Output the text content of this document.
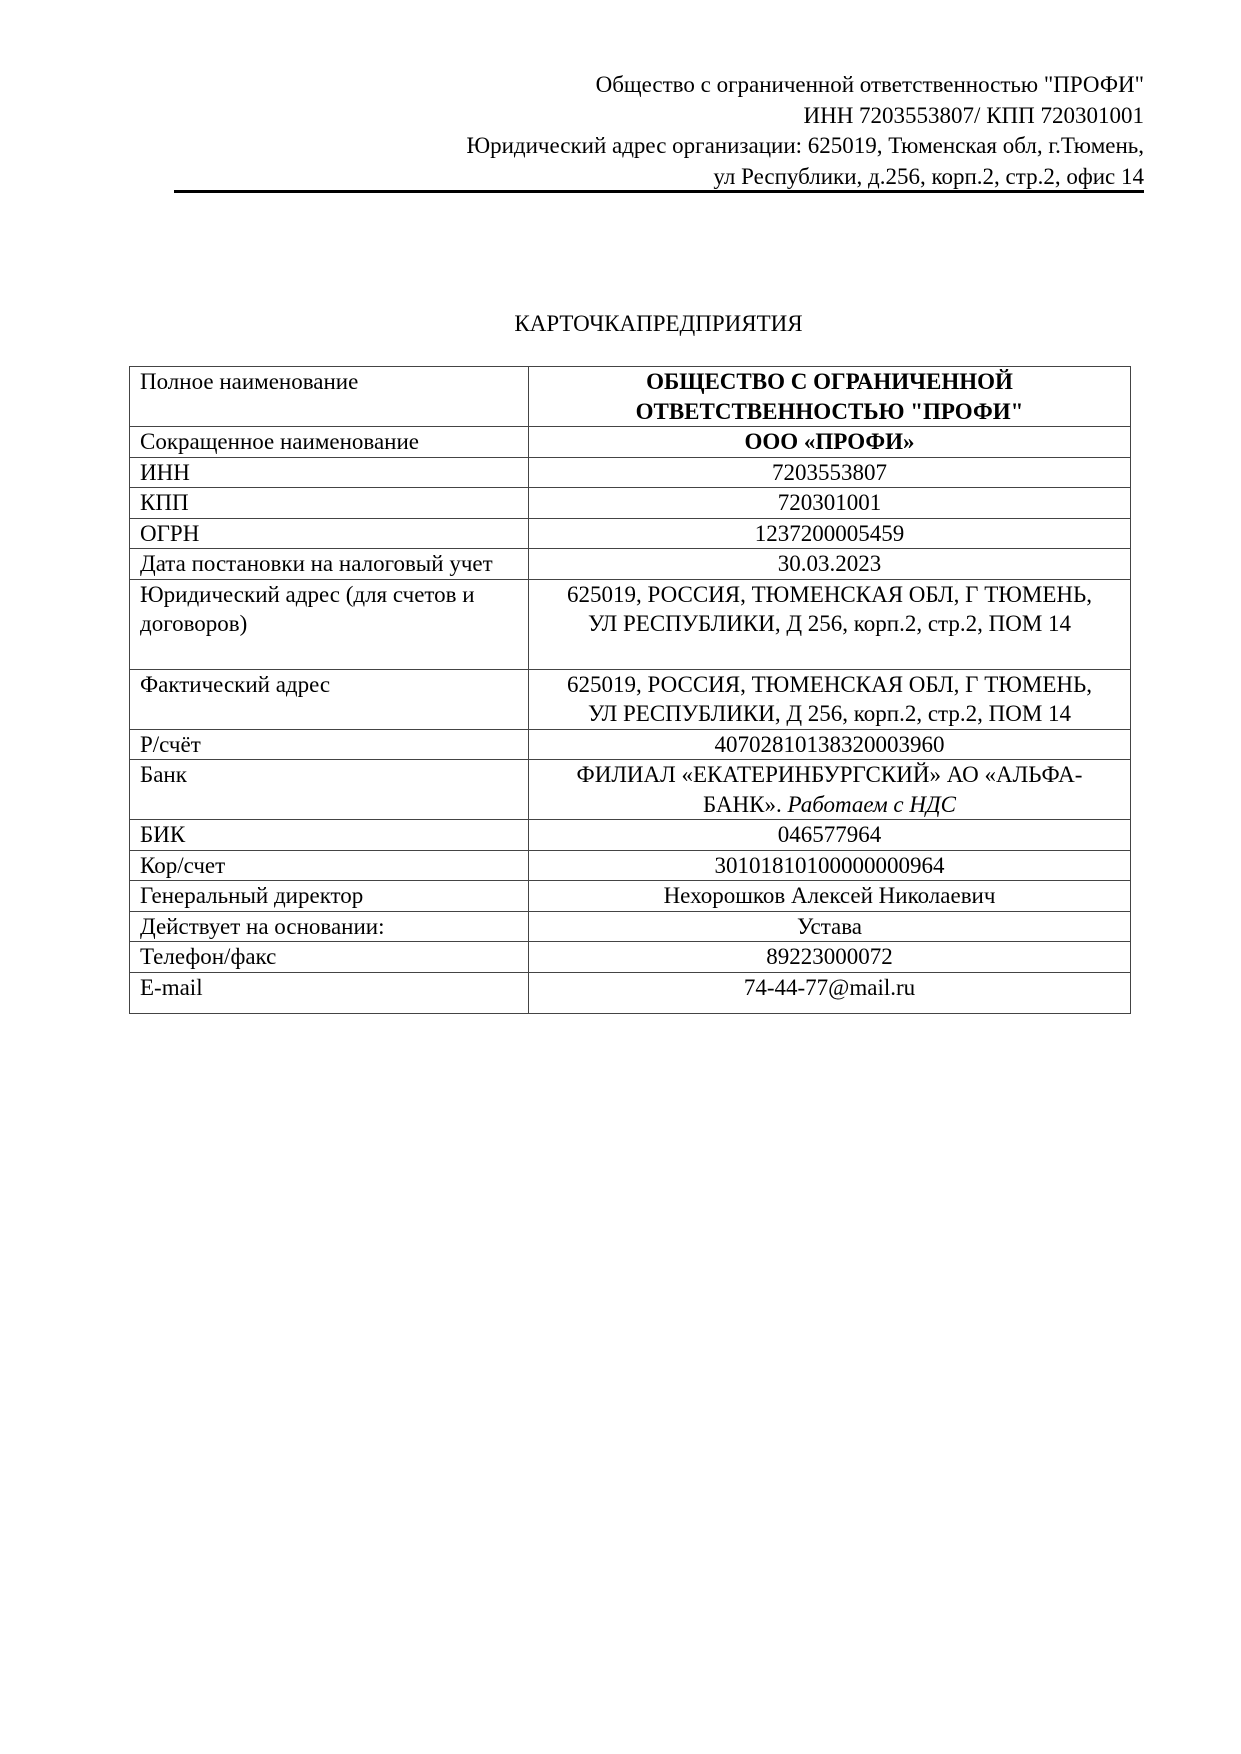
Общество с ограниченной ответственностью "ПРОФИ"
ИНН 7203553807/ КПП 720301001
Юридический адрес организации: 625019, Тюменская обл, г.Тюмень,
ул Республики, д.256, корп.2, стр.2, офис 14
КАРТОЧКАПРЕДПРИЯТИЯ
Полное наименование	ОБЩЕСТВО С ОГРАНИЧЕННОЙ
ОТВЕТСТВЕННОСТЬЮ "ПРОФИ"

Сокращенное наименование	ООО «ПРОФИ»
ИНН	7203553807
КПП	720301001
ОГРН	1237200005459
Дата постановки на налоговый учет	30.03.2023
Юридический адрес (для счетов и договоров)	625019, РОССИЯ, ТЮМЕНСКАЯ ОБЛ, Г ТЮМЕНЬ,
УЛ РЕСПУБЛИКИ, Д 256, корп.2, стр.2, ПОМ 14

Фактический адрес	625019, РОССИЯ, ТЮМЕНСКАЯ ОБЛ, Г ТЮМЕНЬ,
УЛ РЕСПУБЛИКИ, Д 256, корп.2, стр.2, ПОМ 14

Р/счёт	40702810138320003960
Банк	ФИЛИАЛ «ЕКАТЕРИНБУРГСКИЙ» АО «АЛЬФА-
БАНК». Работаем с НДС

БИК	046577964
Кор/счет	30101810100000000964
Генеральный директор	Нехорошков Алексей Николаевич
Действует на основании:	Устава
Телефон/факс	89223000072
E-mail	74-44-77@mail.ru
